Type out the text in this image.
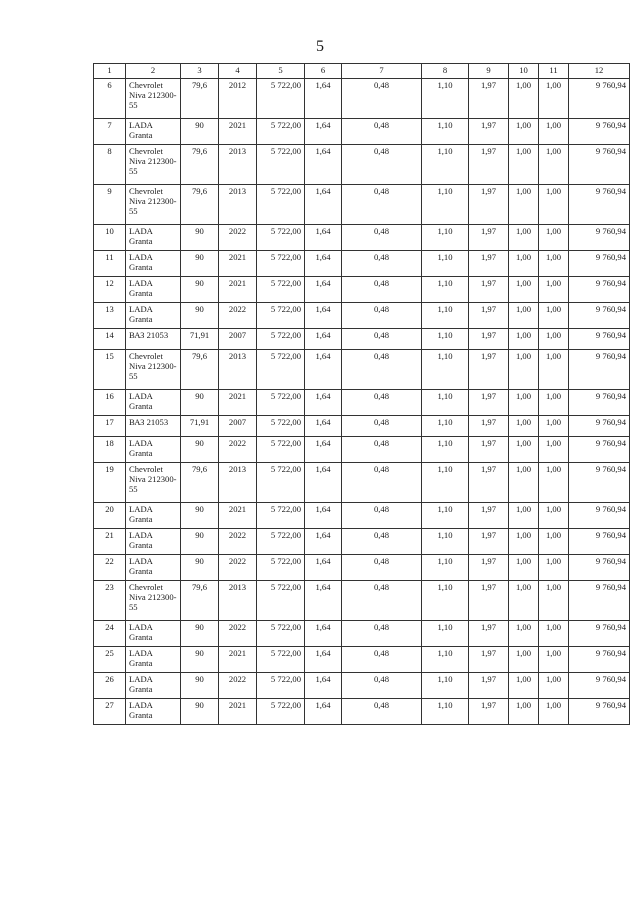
5
1	2	3	4	5	6	7	8	9	10	11	12
6	Chevrolet Niva 212300-55	79,6	2012	5 722,00	1,64	0,48	1,10	1,97	1,00	1,00	9 760,94
7	LADA Granta	90	2021	5 722,00	1,64	0,48	1,10	1,97	1,00	1,00	9 760,94
8	Chevrolet Niva 212300-55	79,6	2013	5 722,00	1,64	0,48	1,10	1,97	1,00	1,00	9 760,94
9	Chevrolet Niva 212300-55	79,6	2013	5 722,00	1,64	0,48	1,10	1,97	1,00	1,00	9 760,94
10	LADA Granta	90	2022	5 722,00	1,64	0,48	1,10	1,97	1,00	1,00	9 760,94
11	LADA Granta	90	2021	5 722,00	1,64	0,48	1,10	1,97	1,00	1,00	9 760,94
12	LADA Granta	90	2021	5 722,00	1,64	0,48	1,10	1,97	1,00	1,00	9 760,94
13	LADA Granta	90	2022	5 722,00	1,64	0,48	1,10	1,97	1,00	1,00	9 760,94
14	ВАЗ 21053	71,91	2007	5 722,00	1,64	0,48	1,10	1,97	1,00	1,00	9 760,94
15	Chevrolet Niva 212300-55	79,6	2013	5 722,00	1,64	0,48	1,10	1,97	1,00	1,00	9 760,94
16	LADA Granta	90	2021	5 722,00	1,64	0,48	1,10	1,97	1,00	1,00	9 760,94
17	ВАЗ 21053	71,91	2007	5 722,00	1,64	0,48	1,10	1,97	1,00	1,00	9 760,94
18	LADA Granta	90	2022	5 722,00	1,64	0,48	1,10	1,97	1,00	1,00	9 760,94
19	Chevrolet Niva 212300-55	79,6	2013	5 722,00	1,64	0,48	1,10	1,97	1,00	1,00	9 760,94
20	LADA Granta	90	2021	5 722,00	1,64	0,48	1,10	1,97	1,00	1,00	9 760,94
21	LADA Granta	90	2022	5 722,00	1,64	0,48	1,10	1,97	1,00	1,00	9 760,94
22	LADA Granta	90	2022	5 722,00	1,64	0,48	1,10	1,97	1,00	1,00	9 760,94
23	Chevrolet Niva 212300-55	79,6	2013	5 722,00	1,64	0,48	1,10	1,97	1,00	1,00	9 760,94
24	LADA Granta	90	2022	5 722,00	1,64	0,48	1,10	1,97	1,00	1,00	9 760,94
25	LADA Granta	90	2021	5 722,00	1,64	0,48	1,10	1,97	1,00	1,00	9 760,94
26	LADA Granta	90	2022	5 722,00	1,64	0,48	1,10	1,97	1,00	1,00	9 760,94
27	LADA Granta	90	2021	5 722,00	1,64	0,48	1,10	1,97	1,00	1,00	9 760,94
